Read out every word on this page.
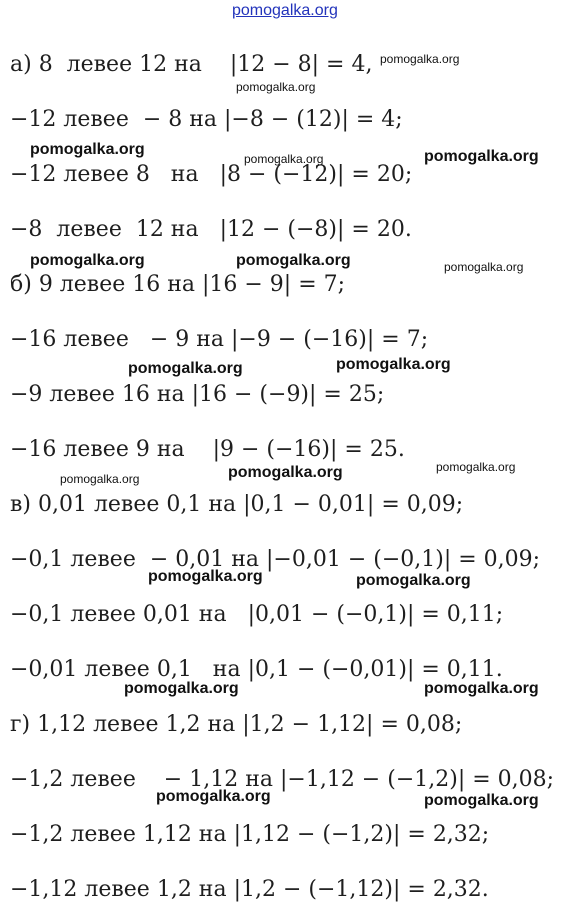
pomogalka.org
а) 8  левее 12 на    |12 − 8| = 4,
−12 левее  − 8 на |−8 − (12)| = 4;
−12 левее 8   на   |8 − (−12)| = 20;
−8  левее  12 на   |12 − (−8)| = 20.
б) 9 левее 16 на |16 − 9| = 7;
−16 левее   − 9 на |−9 − (−16)| = 7;
−9 левее 16 на |16 − (−9)| = 25;
−16 левее 9 на    |9 − (−16)| = 25.
в) 0,01 левее 0,1 на |0,1 − 0,01| = 0,09;
−0,1 левее  − 0,01 на |−0,01 − (−0,1)| = 0,09;
−0,1 левее 0,01 на   |0,01 − (−0,1)| = 0,11;
−0,01 левее 0,1   на |0,1 − (−0,01)| = 0,11.
г) 1,12 левее 1,2 на |1,2 − 1,12| = 0,08;
−1,2 левее    − 1,12 на |−1,12 − (−1,2)| = 0,08;
−1,2 левее 1,12 на |1,12 − (−1,2)| = 2,32;
−1,12 левее 1,2 на |1,2 − (−1,12)| = 2,32.
pomogalka.org
pomogalka.org
pomogalka.org
pomogalka.org	pomogalka.org
pomogalka.org	pomogalka.org	pomogalka.org
pomogalka.org	pomogalka.org
pomogalka.org	pomogalka.org	pomogalka.org
pomogalka.org	pomogalka.org
pomogalka.org	pomogalka.org
pomogalka.org	pomogalka.org
